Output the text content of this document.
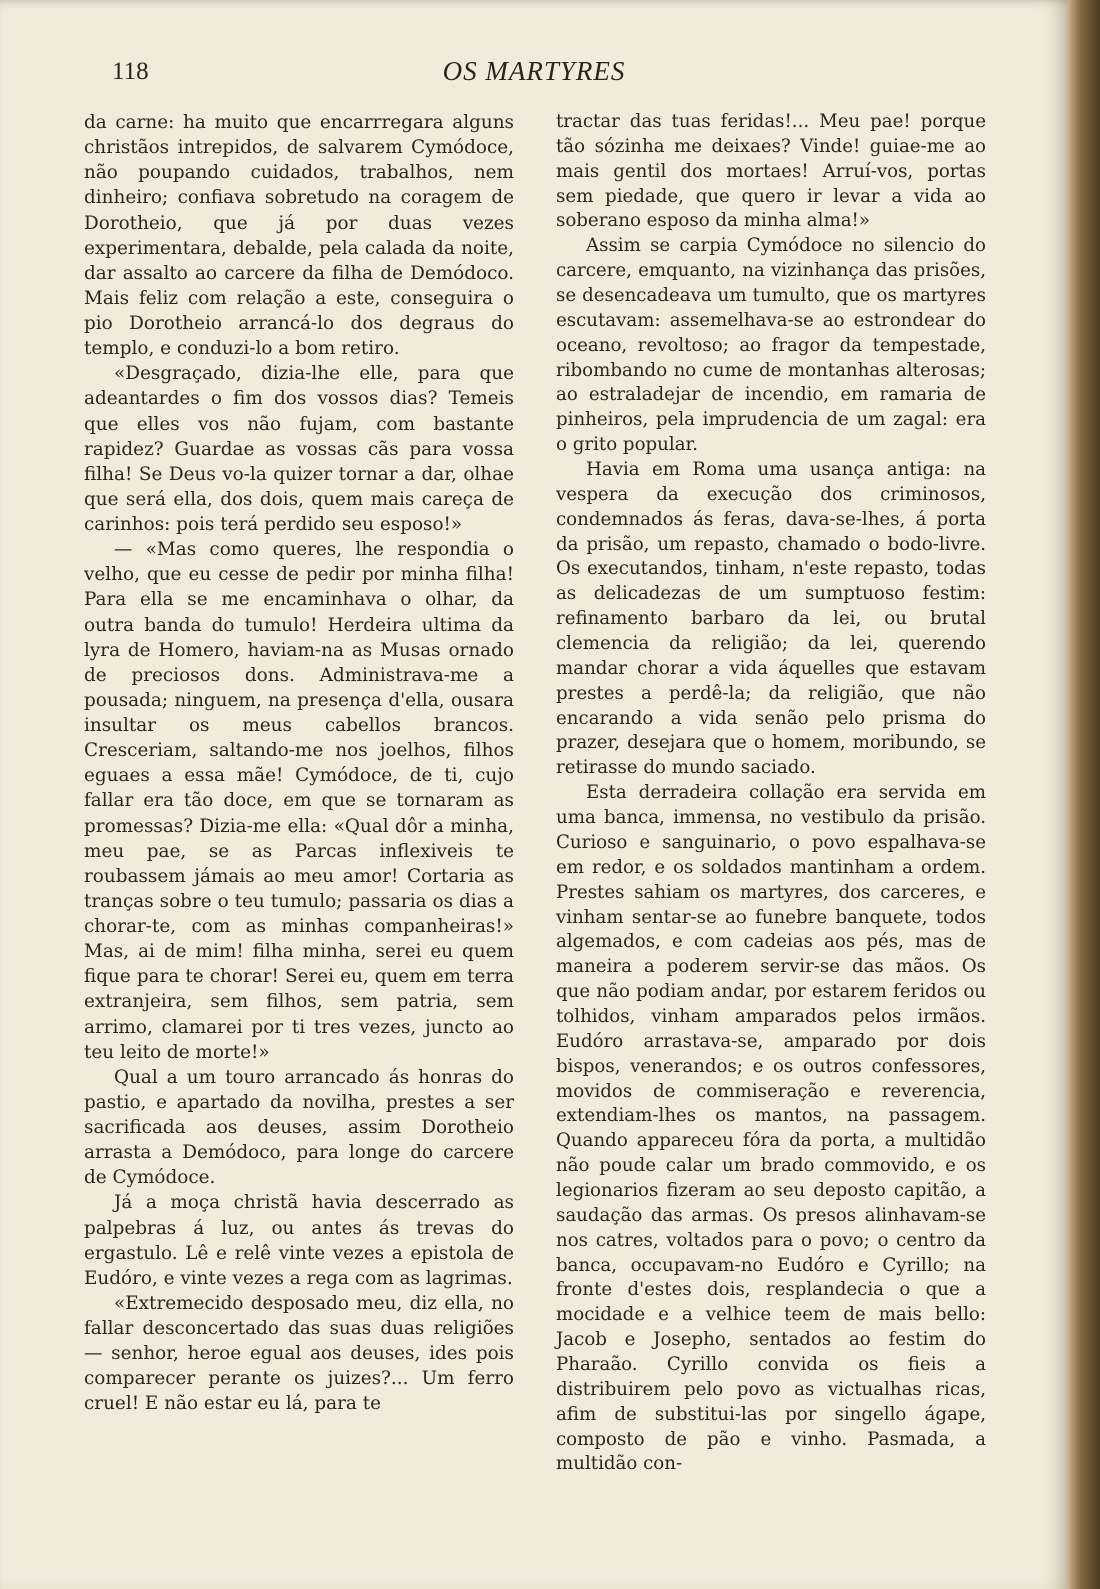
118	OS MARTYRES

da carne: ha muito que encarrregara alguns christãos intrepidos, de salvarem Cymódoce, não poupando cuidados, trabalhos, nem dinheiro; confiava sobretudo na coragem de Dorotheio, que já por duas vezes experimentara, debalde, pela calada da noite, dar assalto ao carcere da filha de Demódoco. Mais feliz com relação a este, conseguira o pio Dorotheio arrancá-lo dos degraus do templo, e conduzi-lo a bom retiro.

«Desgraçado, dizia-lhe elle, para que adeantardes o fim dos vossos dias? Temeis que elles vos não fujam, com bastante rapidez? Guardae as vossas cãs para vossa filha! Se Deus vo-la quizer tornar a dar, olhae que será ella, dos dois, quem mais careça de carinhos: pois terá perdido seu esposo!»

— «Mas como queres, lhe respondia o velho, que eu cesse de pedir por minha filha! Para ella se me encaminhava o olhar, da outra banda do tumulo! Herdeira ultima da lyra de Homero, haviam-na as Musas ornado de preciosos dons. Administrava-me a pousada; ninguem, na presença d'ella, ousara insultar os meus cabellos brancos. Cresceriam, saltando-me nos joelhos, filhos eguaes a essa mãe! Cymódoce, de ti, cujo fallar era tão doce, em que se tornaram as promessas? Dizia-me ella: «Qual dôr a minha, meu pae, se as Parcas inflexiveis te roubassem jámais ao meu amor! Cortaria as tranças sobre o teu tumulo; passaria os dias a chorar-te, com as minhas companheiras!» Mas, ai de mim! filha minha, serei eu quem fique para te chorar! Serei eu, quem em terra extranjeira, sem filhos, sem patria, sem arrimo, clamarei por ti tres vezes, juncto ao teu leito de morte!»

Qual a um touro arrancado ás honras do pastio, e apartado da novilha, prestes a ser sacrificada aos deuses, assim Dorotheio arrasta a Demódoco, para longe do carcere de Cymódoce.

Já a moça christã havia descerrado as palpebras á luz, ou antes ás trevas do ergastulo. Lê e relê vinte vezes a epistola de Eudóro, e vinte vezes a rega com as lagrimas.

«Extremecido desposado meu, diz ella, no fallar desconcertado das suas duas religiões — senhor, heroe egual aos deuses, ides pois comparecer perante os juizes?... Um ferro cruel! E não estar eu lá, para te

tractar das tuas feridas!... Meu pae! porque tão sózinha me deixaes? Vinde! guiae-me ao mais gentil dos mortaes! Arruí-vos, portas sem piedade, que quero ir levar a vida ao soberano esposo da minha alma!»

Assim se carpia Cymódoce no silencio do carcere, emquanto, na vizinhança das prisões, se desencadeava um tumulto, que os martyres escutavam: assemelhava-se ao estrondear do oceano, revoltoso; ao fragor da tempestade, ribombando no cume de montanhas alterosas; ao estraladejar de incendio, em ramaria de pinheiros, pela imprudencia de um zagal: era o grito popular.

Havia em Roma uma usança antiga: na vespera da execução dos criminosos, condemnados ás feras, dava-se-lhes, á porta da prisão, um repasto, chamado o bodo-livre. Os executandos, tinham, n'este repasto, todas as delicadezas de um sumptuoso festim: refinamento barbaro da lei, ou brutal clemencia da religião; da lei, querendo mandar chorar a vida áquelles que estavam prestes a perdê-la; da religião, que não encarando a vida senão pelo prisma do prazer, desejara que o homem, moribundo, se retirasse do mundo saciado.

Esta derradeira collação era servida em uma banca, immensa, no vestibulo da prisão. Curioso e sanguinario, o povo espalhava-se em redor, e os soldados mantinham a ordem. Prestes sahiam os martyres, dos carceres, e vinham sentar-se ao funebre banquete, todos algemados, e com cadeias aos pés, mas de maneira a poderem servir-se das mãos. Os que não podiam andar, por estarem feridos ou tolhidos, vinham amparados pelos irmãos. Eudóro arrastava-se, amparado por dois bispos, venerandos; e os outros confessores, movidos de commiseração e reverencia, extendiam-lhes os mantos, na passagem. Quando appareceu fóra da porta, a multidão não poude calar um brado commovido, e os legionarios fizeram ao seu deposto capitão, a saudação das armas. Os presos alinhavam-se nos catres, voltados para o povo; o centro da banca, occupavam-no Eudóro e Cyrillo; na fronte d'estes dois, resplandecia o que a mocidade e a velhice teem de mais bello: Jacob e Josepho, sentados ao festim do Pharaão. Cyrillo convida os fieis a distribuirem pelo povo as victualhas ricas, afim de substitui-las por singello ágape, composto de pão e vinho. Pasmada, a multidão con-
